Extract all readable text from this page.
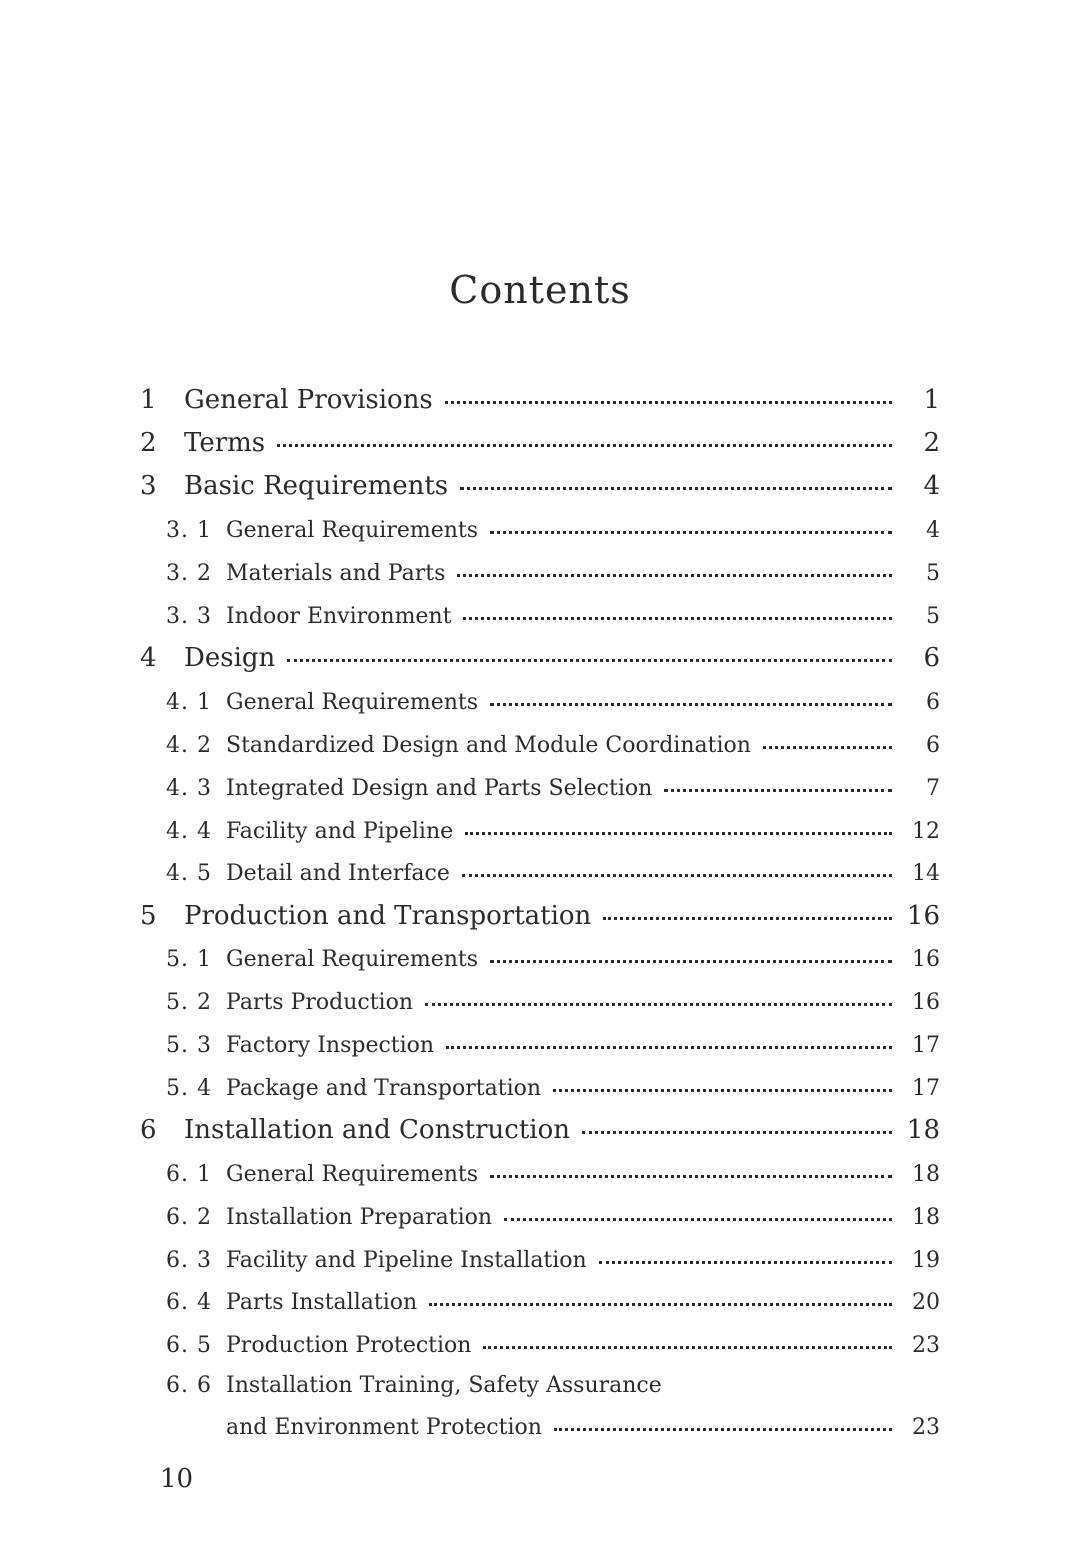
Contents
1	General Provisions	1
2	Terms	2
3	Basic Requirements	4
3. 1 General Requirements	4
3. 2 Materials and Parts	5
3. 3 Indoor Environment	5
4	Design	6
4. 1 General Requirements	6
4. 2 Standardized Design and Module Coordination	6
4. 3 Integrated Design and Parts Selection	7
4. 4 Facility and Pipeline	12
4. 5 Detail and Interface	14
5	Production and Transportation	16
5. 1 General Requirements	16
5. 2 Parts Production	16
5. 3 Factory Inspection	17
5. 4 Package and Transportation	17
6	Installation and Construction	18
6. 1 General Requirements	18
6. 2 Installation Preparation	18
6. 3 Facility and Pipeline Installation	19
6. 4 Parts Installation	20
6. 5 Production Protection	23
6. 6 Installation Training, Safety Assurance
and Environment Protection	23
10
